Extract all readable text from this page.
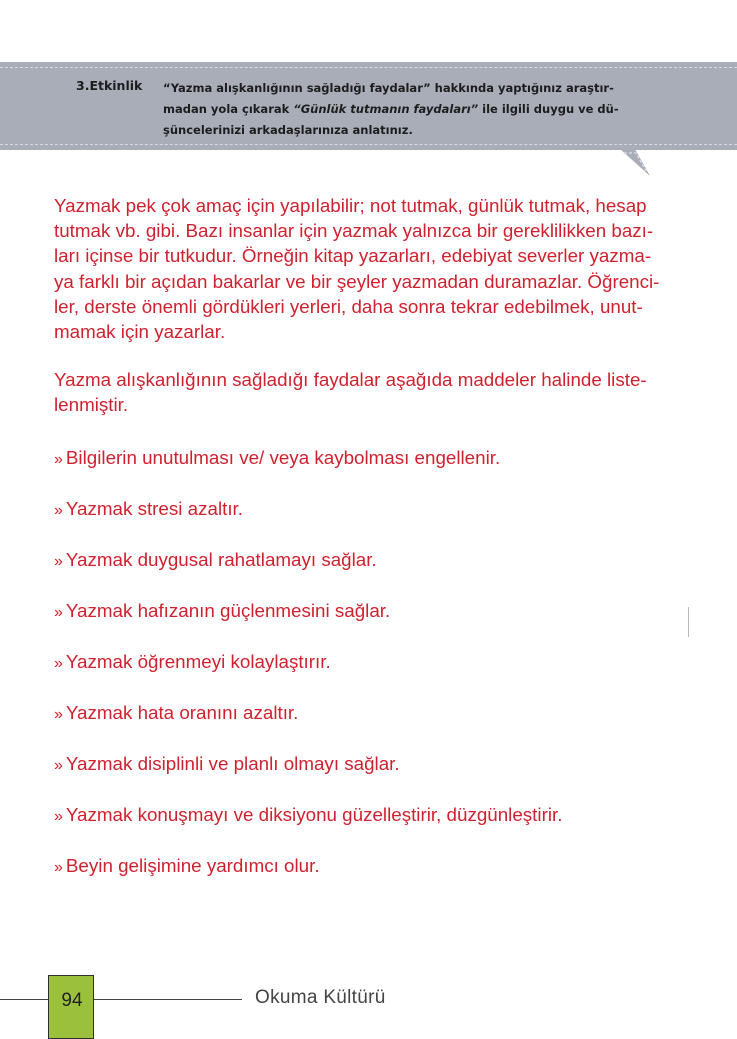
3.Etkinlik “Yazma alışkanlığının sağladığı faydalar” hakkında yaptığınız araştır-
madan yola çıkarak “Günlük tutmanın faydaları” ile ilgili duygu ve dü-
şüncelerinizi arkadaşlarınıza anlatınız.
Yazmak pek çok amaç için yapılabilir; not tutmak, günlük tutmak, hesap
tutmak vb. gibi. Bazı insanlar için yazmak yalnızca bir gereklilikken bazı-
ları içinse bir tutkudur. Örneğin kitap yazarları, edebiyat severler yazma-
ya farklı bir açıdan bakarlar ve bir şeyler yazmadan duramazlar. Öğrenci-
ler, derste önemli gördükleri yerleri, daha sonra tekrar edebilmek, unut-
mamak için yazarlar.
Yazma alışkanlığının sağladığı faydalar aşağıda maddeler halinde liste-
lenmiştir.
» Bilgilerin unutulması ve/ veya kaybolması engellenir.
» Yazmak stresi azaltır.
» Yazmak duygusal rahatlamayı sağlar.
» Yazmak hafızanın güçlenmesini sağlar.
» Yazmak öğrenmeyi kolaylaştırır.
» Yazmak hata oranını azaltır.
» Yazmak disiplinli ve planlı olmayı sağlar.
» Yazmak konuşmayı ve diksiyonu güzelleştirir, düzgünleştirir.
» Beyin gelişimine yardımcı olur.
94	Okuma Kültürü
